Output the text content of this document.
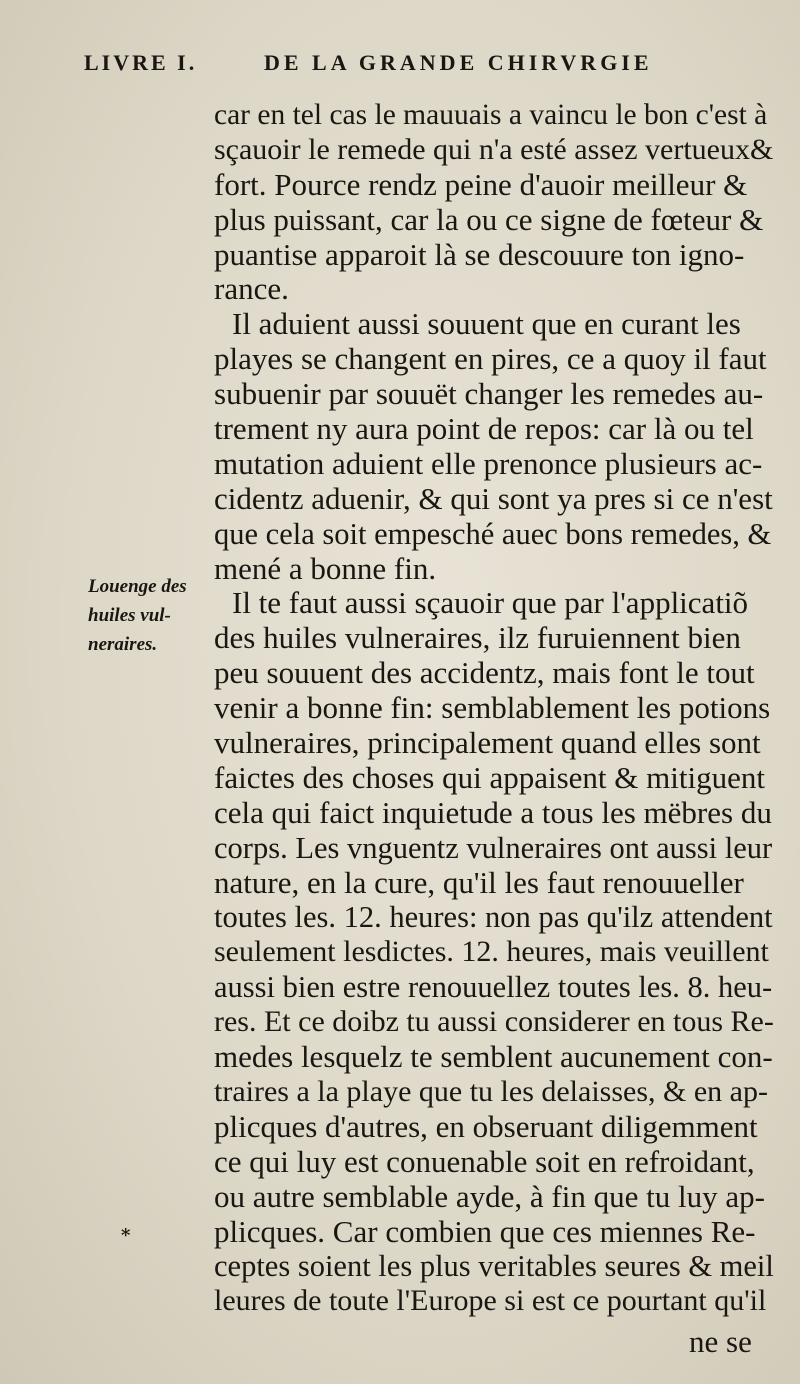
LIVRE I.	DE LA GRANDE CHIRVRGIE
car en tel cas le mauuais a vaincu le bon c'est à
sçauoir le remede qui n'a esté assez vertueux&
fort. Pource rendz peine d'auoir meilleur &
plus puissant, car la ou ce signe de fœteur &
puantise apparoit là se descouure ton igno-
rance.
Il aduient aussi souuent que en curant les
playes se changent en pires, ce a quoy il faut
subuenir par souuët changer les remedes au-
trement ny aura point de repos: car là ou tel
mutation aduient elle prenonce plusieurs ac-
cidentz aduenir, & qui sont ya pres si ce n'est
que cela soit empesché auec bons remedes, &
mené a bonne fin.
Il te faut aussi sçauoir que par l'applicatiõ
des huiles vulneraires, ilz furuiennent bien
peu souuent des accidentz, mais font le tout
venir a bonne fin: semblablement les potions
vulneraires, principalement quand elles sont
faictes des choses qui appaisent & mitiguent
cela qui faict inquietude a tous les mëbres du
corps. Les vnguentz vulneraires ont aussi leur
nature, en la cure, qu'il les faut renouueller
toutes les. 12. heures: non pas qu'ilz attendent
seulement lesdictes. 12. heures, mais veuillent
aussi bien estre renouuellez toutes les. 8. heu-
res. Et ce doibz tu aussi considerer en tous Re-
medes lesquelz te semblent aucunement con-
traires a la playe que tu les delaisses, & en ap-
plicques d'autres, en obseruant diligemment
ce qui luy est conuenable soit en refroidant,
ou autre semblable ayde, à fin que tu luy ap-
plicques. Car combien que ces miennes Re-
ceptes soient les plus veritables seures & meil
leures de toute l'Europe si est ce pourtant qu'il
Louenge des
huiles vul-
neraires.
*
ne se
